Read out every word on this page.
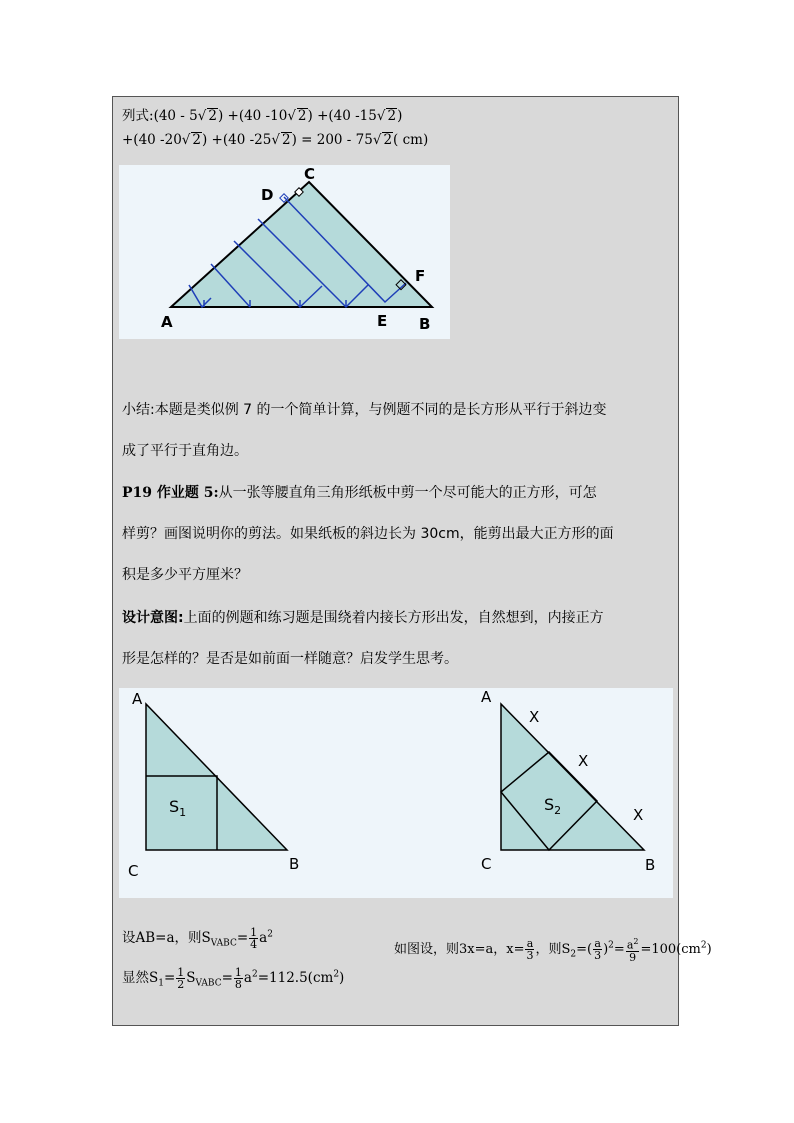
列式:(40 - 5√ 2) +(40 -10√ 2) +(40 -15√ 2)
+(40 -20√ 2) +(40 -25√ 2) = 200 - 75√ 2( cm)
A	B
C
D
E
F
小结:本题是类似例 7 的一个简单计算，与例题不同的是长方形从平行于斜边变
成了平行于直角边。
P19 作业题 5:从一张等腰直角三角形纸板中剪一个尽可能大的正方形，可怎
样剪？画图说明你的剪法。如果纸板的斜边长为 30cm，能剪出最大正方形的面
积是多少平方厘米？
设计意图:上面的例题和练习题是围绕着内接长方形出发，自然想到，内接正方
形是怎样的？是否是如前面一样随意？启发学生思考。
A
C	B
$S_1$
A
C	B
X
X
X
$S_2$
设AB=a，则$S_{VABC}= \frac{1}{4} a^2$
显然$S_1= \frac{1}{2} S_{VABC}= \frac{1}{8} a^2=112.5(cm^2)$
如图设，则3x=a，$x= \frac{a}{3}$ ，则$S_2=( \frac{a}{3} )^2= \frac{a^2}{9} =100(cm^2)$
